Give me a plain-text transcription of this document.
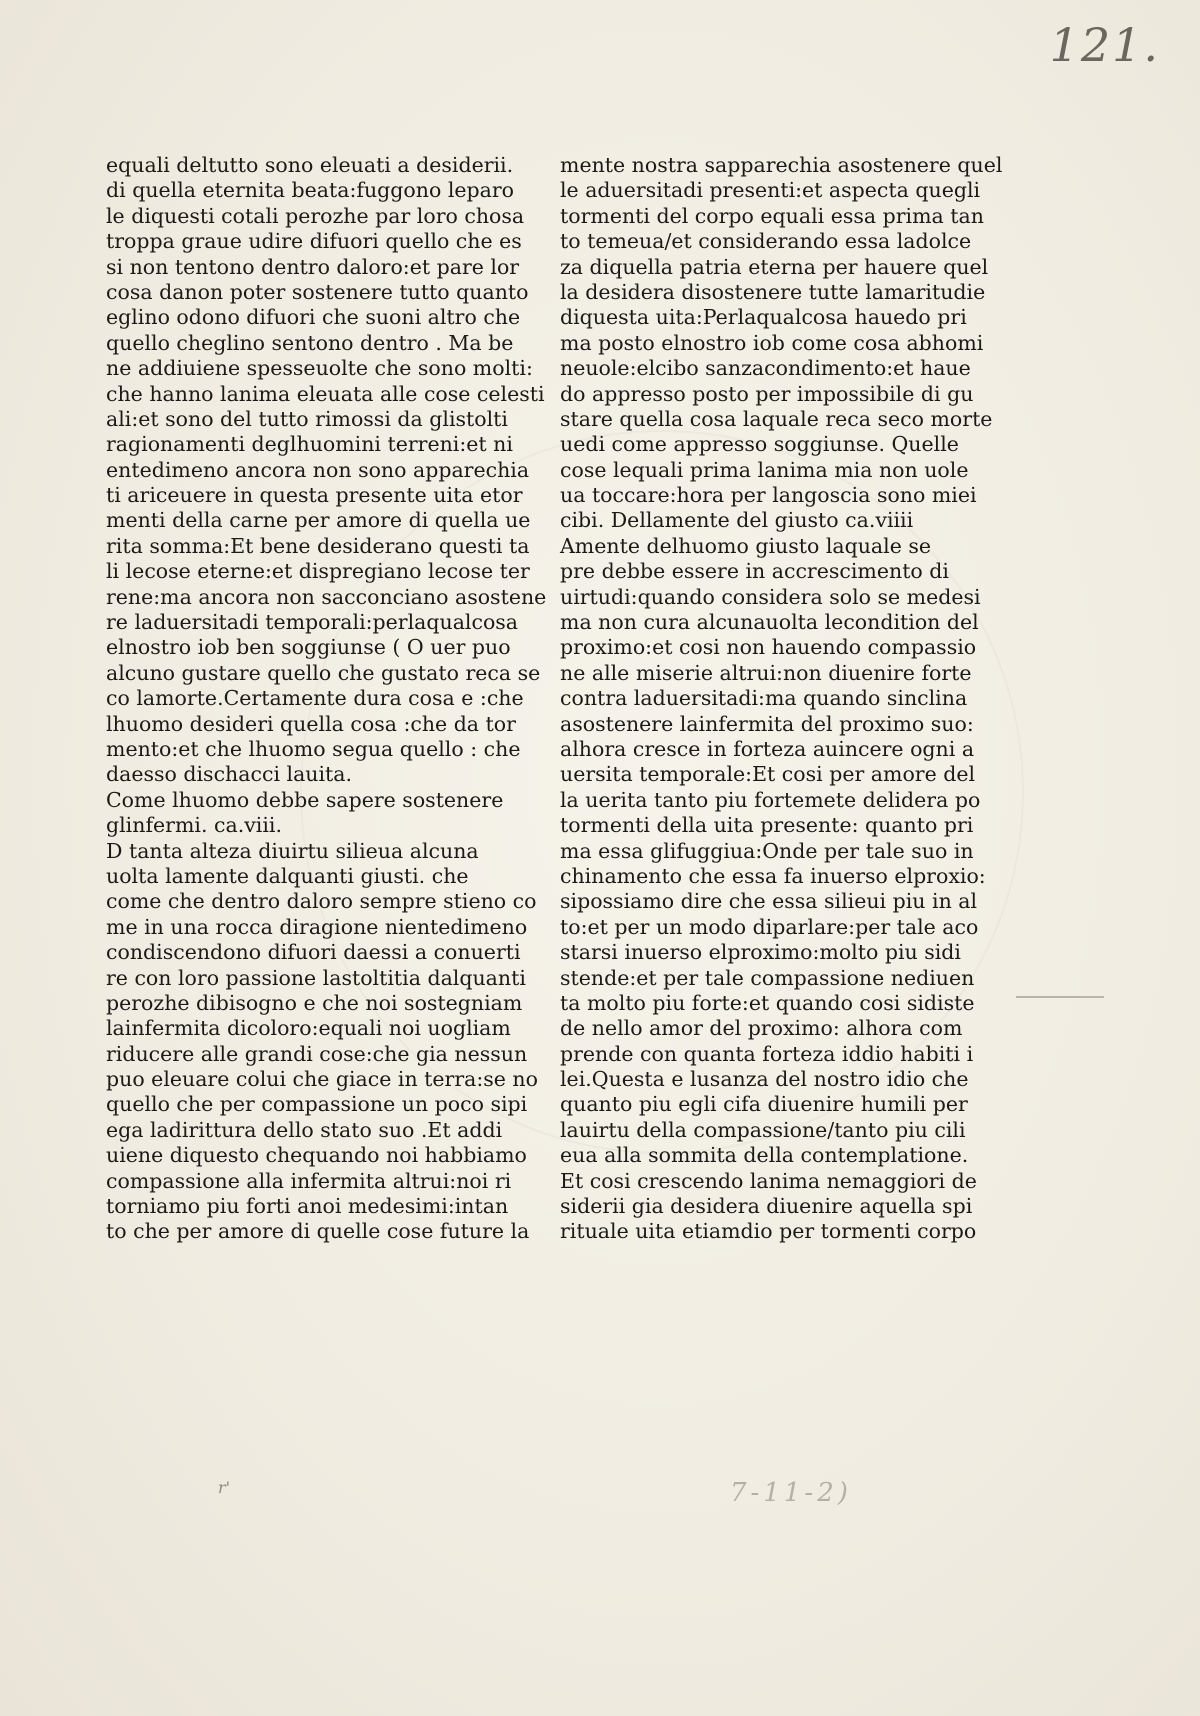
121.
equali deltutto sono eleuati a desiderii.
di quella eternita beata:fuggono leparo
le diquesti cotali perozhe par loro chosa
troppa graue udire difuori quello che es
si non tentono dentro daloro:et pare lor
cosa danon poter sostenere tutto quanto
eglino odono difuori che suoni altro che
quello cheglino sentono dentro . Ma be
ne addiuiene spesseuolte che sono molti:
che hanno lanima eleuata alle cose celesti
ali:et sono del tutto rimossi da glistolti
ragionamenti deglhuomini terreni:et ni
entedimeno ancora non sono apparechia
ti ariceuere in questa presente uita etor
menti della carne per amore di quella ue
rita somma:Et bene desiderano questi ta
li lecose eterne:et dispregiano lecose ter
rene:ma ancora non sacconciano asostene
re laduersitadi temporali:perlaqualcosa
elnostro iob ben soggiunse ( O uer puo
alcuno gustare quello che gustato reca se
co lamorte.Certamente dura cosa e :che
lhuomo desideri quella cosa :che da tor
mento:et che lhuomo segua quello : che
daesso dischacci lauita.
Come lhuomo debbe sapere sostenere
glinfermi. ca.viii.
D tanta alteza diuirtu silieua alcuna
uolta lamente dalquanti giusti. che
come che dentro daloro sempre stieno co
me in una rocca diragione nientedimeno
condiscendono difuori daessi a conuerti
re con loro passione lastoltitia dalquanti
perozhe dibisogno e che noi sostegniam
lainfermita dicoloro:equali noi uogliam
riducere alle grandi cose:che gia nessun
puo eleuare colui che giace in terra:se no
quello che per compassione un poco sipi
ega ladirittura dello stato suo .Et addi
uiene diquesto chequando noi habbiamo
compassione alla infermita altrui:noi ri
torniamo piu forti anoi medesimi:intan
to che per amore di quelle cose future la
mente nostra sapparechia asostenere quel
le aduersitadi presenti:et aspecta quegli
tormenti del corpo equali essa prima tan
to temeua/et considerando essa ladolce
za diquella patria eterna per hauere quel
la desidera disostenere tutte lamaritudie
diquesta uita:Perlaqualcosa hauedo pri
ma posto elnostro iob come cosa abhomi
neuole:elcibo sanzacondimento:et haue
do appresso posto per impossibile di gu
stare quella cosa laquale reca seco morte
uedi come appresso soggiunse. Quelle
cose lequali prima lanima mia non uole
ua toccare:hora per langoscia sono miei
cibi. Dellamente del giusto ca.viiii
Amente delhuomo giusto laquale se
pre debbe essere in accrescimento di
uirtudi:quando considera solo se medesi
ma non cura alcunauolta lecondition del
proximo:et cosi non hauendo compassio
ne alle miserie altrui:non diuenire forte
contra laduersitadi:ma quando sinclina
asostenere lainfermita del proximo suo:
alhora cresce in forteza auincere ogni a
uersita temporale:Et cosi per amore del
la uerita tanto piu fortemete delidera po
tormenti della uita presente: quanto pri
ma essa glifuggiua:Onde per tale suo in
chinamento che essa fa inuerso elproxio:
sipossiamo dire che essa silieui piu in al
to:et per un modo diparlare:per tale aco
starsi inuerso elproximo:molto piu sidi
stende:et per tale compassione nediuen
ta molto piu forte:et quando cosi sidiste
de nello amor del proximo: alhora com
prende con quanta forteza iddio habiti i
lei.Questa e lusanza del nostro idio che
quanto piu egli cifa diuenire humili per
lauirtu della compassione/tanto piu cili
eua alla sommita della contemplatione.
Et cosi crescendo lanima nemaggiori de
siderii gia desidera diuenire aquella spi
rituale uita etiamdio per tormenti corpo
r'	7-11-2)
